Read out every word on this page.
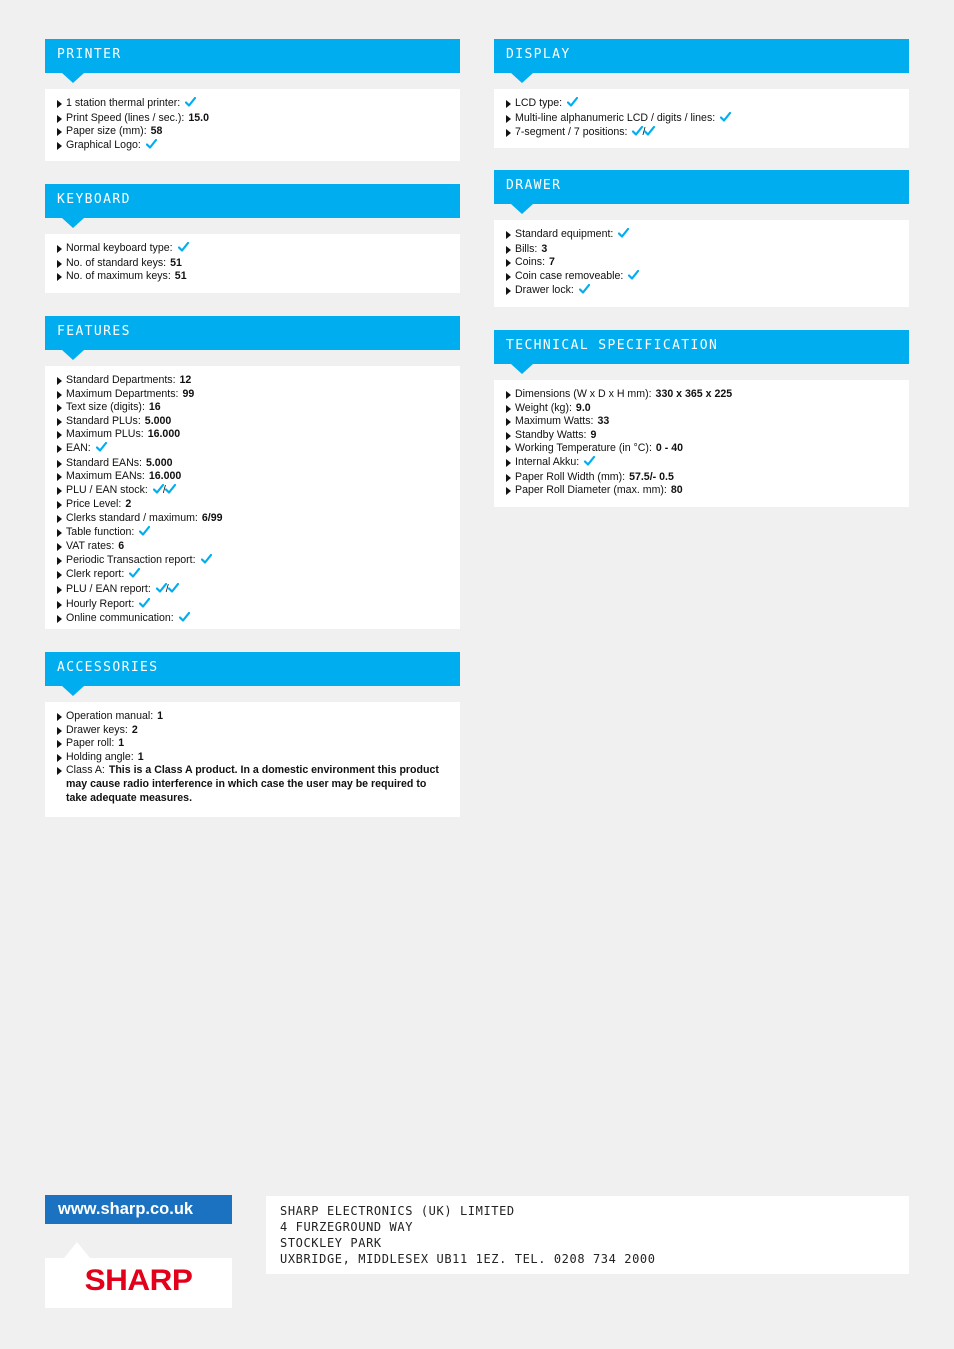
PRINTER
1 station thermal printer:
Print Speed (lines / sec.): 15.0
Paper size (mm): 58
Graphical Logo:
KEYBOARD
Normal keyboard type:
No. of standard keys: 51
No. of maximum keys: 51
FEATURES
Standard Departments: 12
Maximum Departments: 99
Text size (digits): 16
Standard PLUs: 5.000
Maximum PLUs: 16.000
EAN:
Standard EANs: 5.000
Maximum EANs: 16.000
PLU / EAN stock: /
Price Level: 2
Clerks standard / maximum: 6/99
Table function:
VAT rates: 6
Periodic Transaction report:
Clerk report:
PLU / EAN report: /
Hourly Report:
Online communication:
ACCESSORIES
Operation manual: 1
Drawer keys: 2
Paper roll: 1
Holding angle: 1
Class A: This is a Class A product. In a domestic environment this product may cause radio interference in which case the user may be required to take adequate measures.
DISPLAY
LCD type:
Multi-line alphanumeric LCD / digits / lines:
7-segment / 7 positions: /
DRAWER
Standard equipment:
Bills: 3
Coins: 7
Coin case removeable:
Drawer lock:
TECHNICAL SPECIFICATION
Dimensions (W x D x H mm): 330 x 365 x 225
Weight (kg): 9.0
Maximum Watts: 33
Standby Watts: 9
Working Temperature (in °C): 0 - 40
Internal Akku:
Paper Roll Width (mm): 57.5/- 0.5
Paper Roll Diameter (max. mm): 80
www.sharp.co.uk
SHARP
SHARP ELECTRONICS (UK) LIMITED
4 FURZEGROUND WAY
STOCKLEY PARK
UXBRIDGE, MIDDLESEX UB11 1EZ. TEL. 0208 734 2000
